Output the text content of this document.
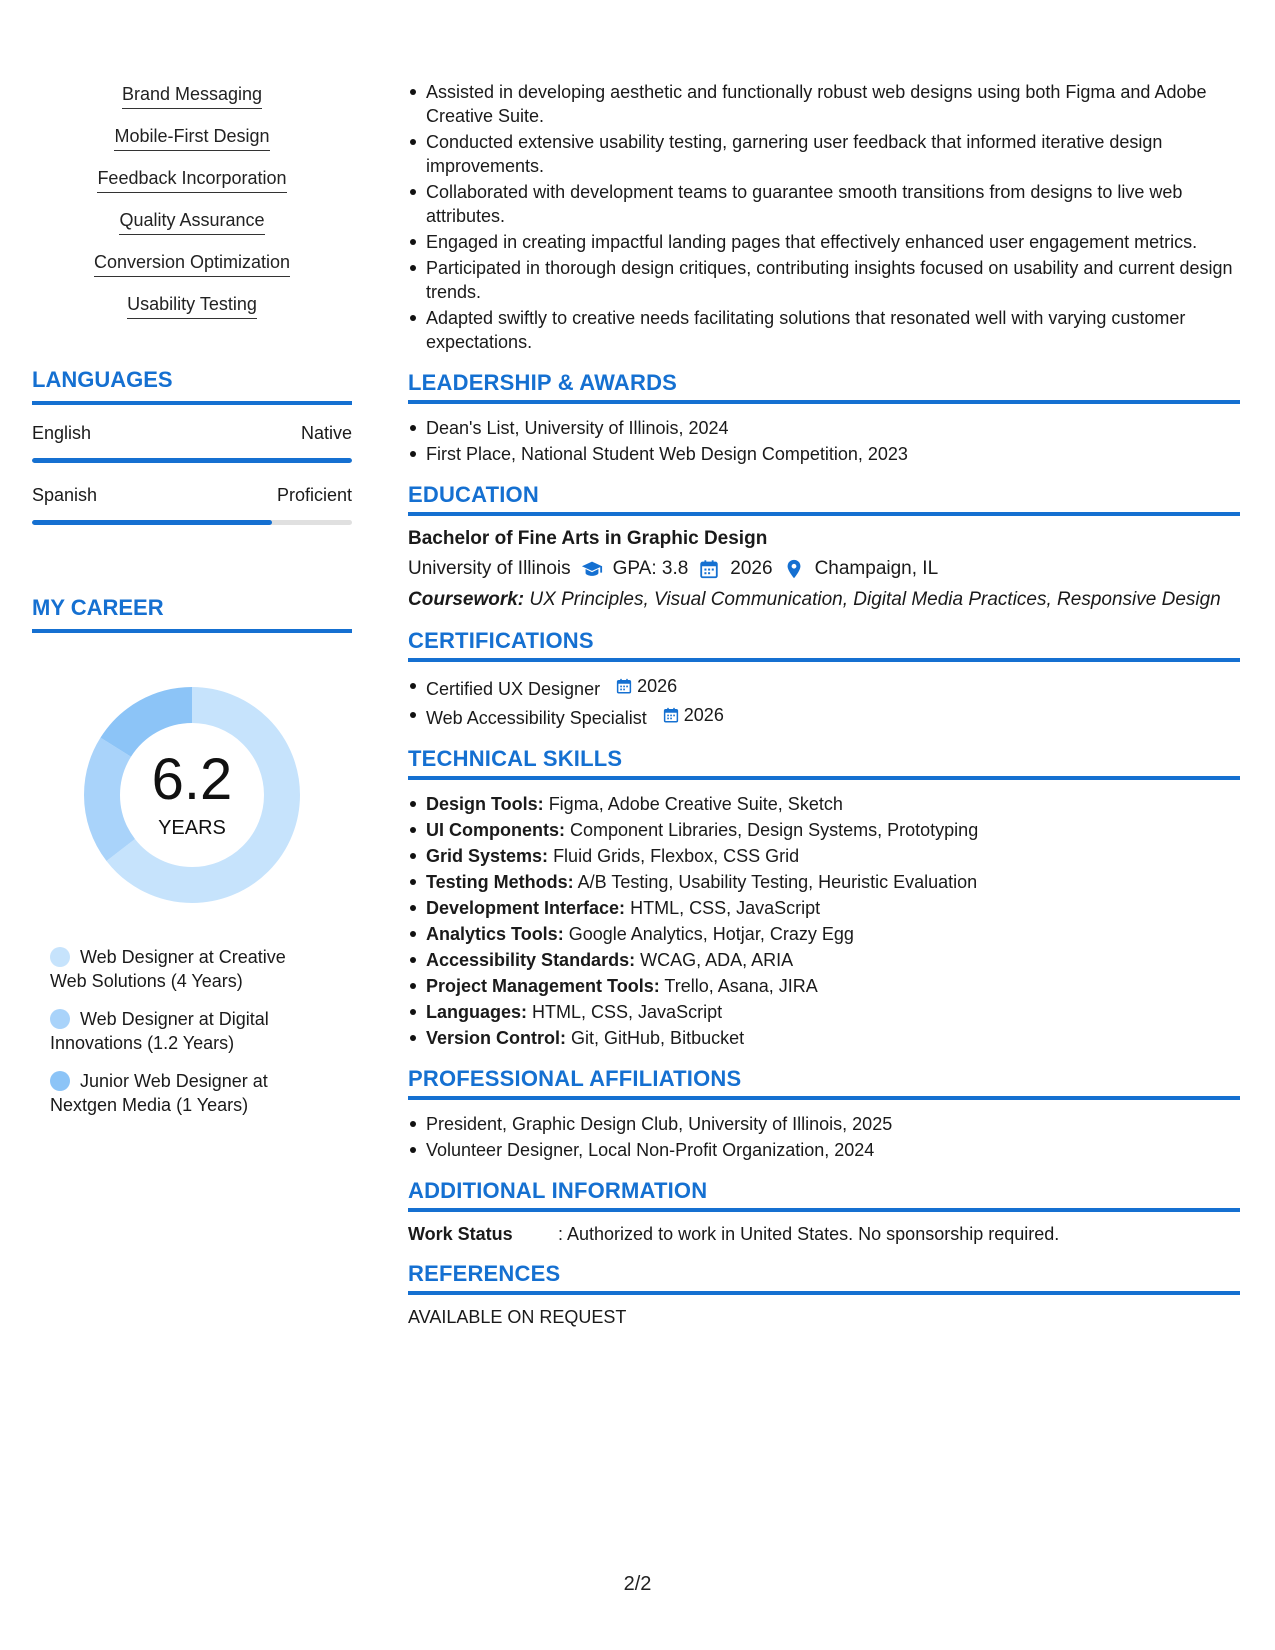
Brand Messaging
Mobile-First Design
Feedback Incorporation
Quality Assurance
Conversion Optimization
Usability Testing
LANGUAGES
English	Native
Spanish	Proficient
MY CAREER
6.2
YEARS
Web Designer at Creative Web Solutions (4 Years)
Web Designer at Digital Innovations (1.2 Years)
Junior Web Designer at Nextgen Media (1 Years)
Assisted in developing aesthetic and functionally robust web designs using both Figma and Adobe Creative Suite.
Conducted extensive usability testing, garnering user feedback that informed iterative design improvements.
Collaborated with development teams to guarantee smooth transitions from designs to live web attributes.
Engaged in creating impactful landing pages that effectively enhanced user engagement metrics.
Participated in thorough design critiques, contributing insights focused on usability and current design trends.
Adapted swiftly to creative needs facilitating solutions that resonated well with varying customer expectations.
LEADERSHIP & AWARDS
Dean's List, University of Illinois, 2024
First Place, National Student Web Design Competition, 2023
EDUCATION
Bachelor of Fine Arts in Graphic Design
University of Illinois GPA: 3.8 2026 Champaign, IL
Coursework: UX Principles, Visual Communication, Digital Media Practices, Responsive Design
CERTIFICATIONS
Certified UX Designer 2026
Web Accessibility Specialist 2026
TECHNICAL SKILLS
Design Tools: Figma, Adobe Creative Suite, Sketch
UI Components: Component Libraries, Design Systems, Prototyping
Grid Systems: Fluid Grids, Flexbox, CSS Grid
Testing Methods: A/B Testing, Usability Testing, Heuristic Evaluation
Development Interface: HTML, CSS, JavaScript
Analytics Tools: Google Analytics, Hotjar, Crazy Egg
Accessibility Standards: WCAG, ADA, ARIA
Project Management Tools: Trello, Asana, JIRA
Languages: HTML, CSS, JavaScript
Version Control: Git, GitHub, Bitbucket
PROFESSIONAL AFFILIATIONS
President, Graphic Design Club, University of Illinois, 2025
Volunteer Designer, Local Non-Profit Organization, 2024
ADDITIONAL INFORMATION
Work Status	: Authorized to work in United States. No sponsorship required.
REFERENCES
AVAILABLE ON REQUEST
2/2
